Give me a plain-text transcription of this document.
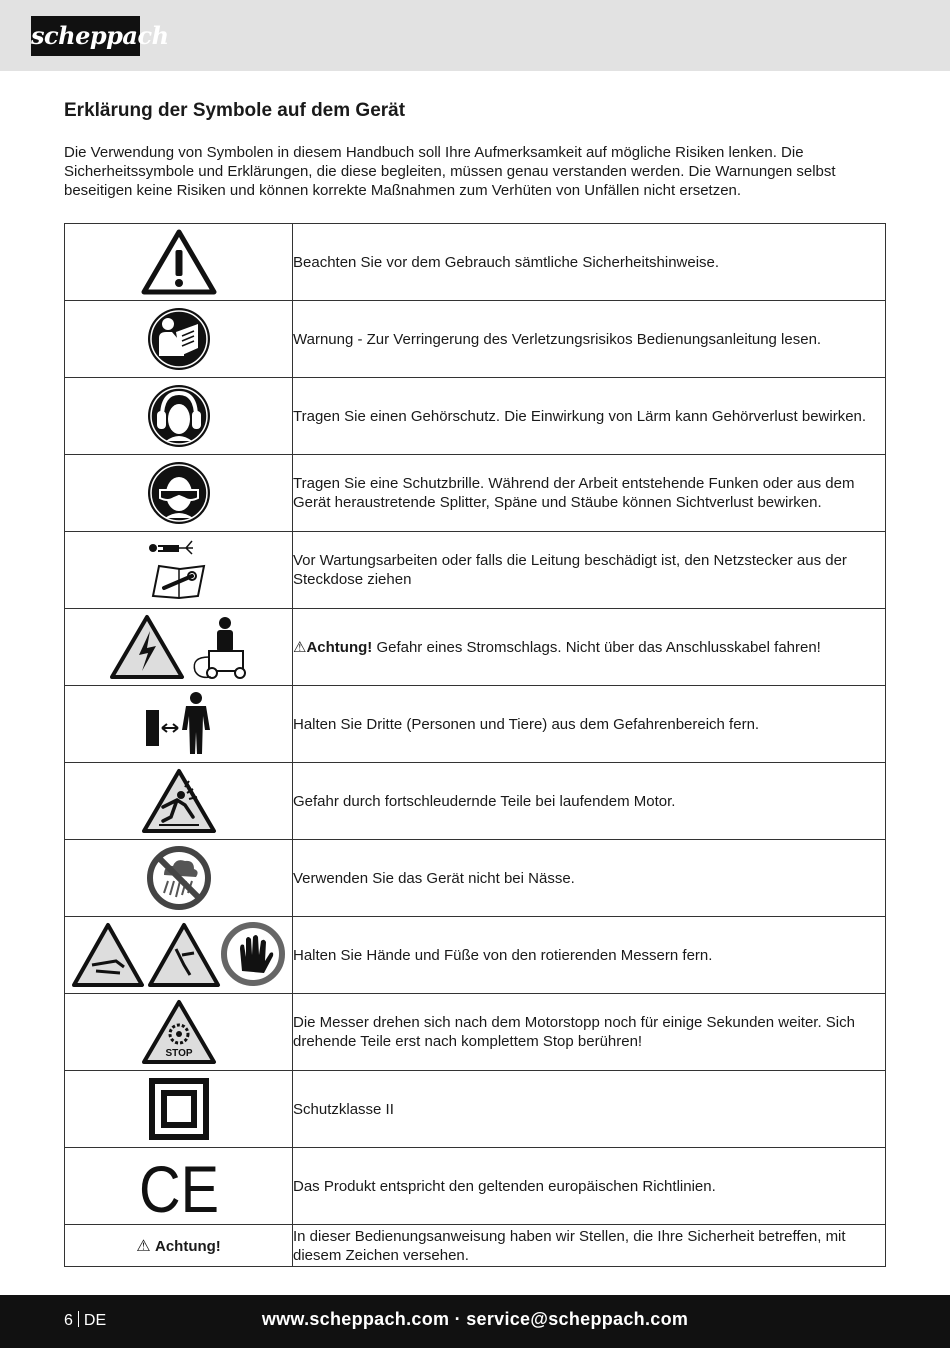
scheppach
Erklärung der Symbole auf dem Gerät

Die Verwendung von Symbolen in diesem Handbuch soll Ihre Aufmerksamkeit auf mögliche Risiken lenken. Die Sicherheitssymbole und Erklärungen, die diese begleiten, müssen genau verstanden werden. Die Warnungen selbst beseitigen keine Risiken und können korrekte Maßnahmen zum Verhüten von Unfällen nicht ersetzen.

	Beachten Sie vor dem Gebrauch sämtliche Sicherheitshinweise.

	Warnung - Zur Verringerung des Verletzungsrisikos Bedienungsanleitung lesen.

	Tragen Sie einen Gehörschutz. Die Einwirkung von Lärm kann Gehörverlust bewirken.

	Tragen Sie eine Schutzbrille. Während der Arbeit entstehende Funken oder aus dem Gerät heraustretende Splitter, Späne und Stäube können Sichtverlust bewirken.

	Vor Wartungsarbeiten oder falls die Leitung beschädigt ist, den Netzstecker aus der Steckdose ziehen

	⚠Achtung! Gefahr eines Stromschlags. Nicht über das Anschlusskabel fahren!

	Halten Sie Dritte (Personen und Tiere) aus dem Gefahrenbereich fern.

	Gefahr durch fortschleudernde Teile bei laufendem Motor.

	Verwenden Sie das Gerät nicht bei Nässe.

	Halten Sie Hände und Füße von den rotierenden Messern fern.

STOP	Die Messer drehen sich nach dem Motorstopp noch für einige Sekunden weiter. Sich drehende Teile erst nach komplettem Stop berühren!

	Schutzklasse II

CE	Das Produkt entspricht den geltenden europäischen Richtlinien.
⚠ Achtung!	In dieser Bedienungsanweisung haben wir Stellen, die Ihre Sicherheit betreffen, mit diesem Zeichen versehen.
6 DE	www.scheppach.com · service@scheppach.com
